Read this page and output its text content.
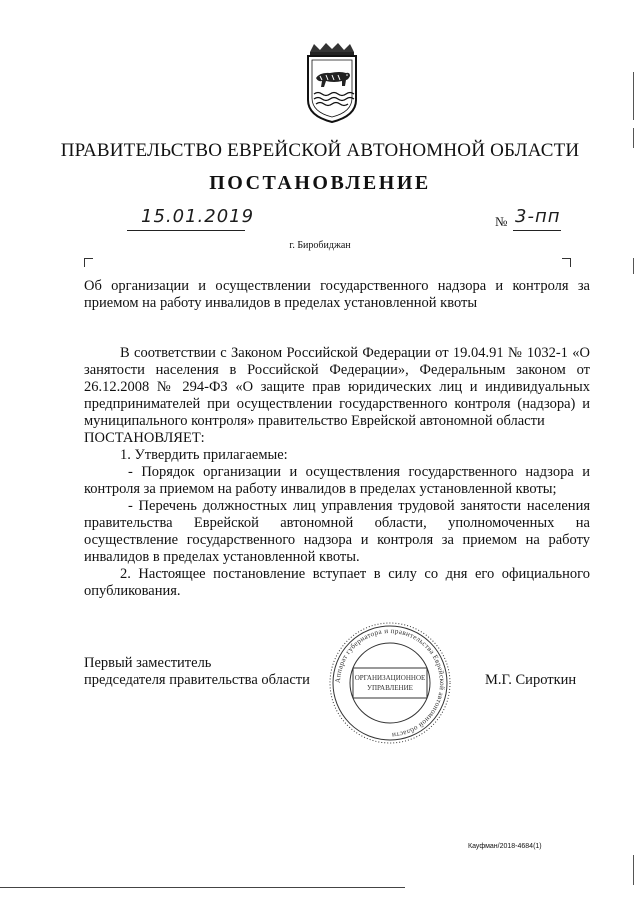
ПРАВИТЕЛЬСТВО ЕВРЕЙСКОЙ АВТОНОМНОЙ ОБЛАСТИ
ПОСТАНОВЛЕНИЕ
15.01.2019	№ 3-пп
г. Биробиджан
Об организации и осуществлении государственного надзора и контроля за приемом на работу инвалидов в пределах установленной квоты

В соответствии с Законом Российской Федерации от 19.04.91 № 1032-1 «О занятости населения в Российской Федерации», Федеральным законом от 26.12.2008 № 294-ФЗ «О защите прав юридических лиц и индивидуальных предпринимателей при осуществлении государственного контроля (надзора) и муниципального контроля» правительство Еврейской автономной области

ПОСТАНОВЛЯЕТ:

1. Утвердить прилагаемые:

- Порядок организации и осуществления государственного надзора и контроля за приемом на работу инвалидов в пределах установленной квоты;

- Перечень должностных лиц управления трудовой занятости населения правительства Еврейской автономной области, уполномоченных на осуществление государственного надзора и контроля за приемом на работу инвалидов в пределах установленной квоты.

2. Настоящее постановление вступает в силу со дня его официального опубликования.

Первый заместитель
председателя правительства области	Аппарат губернатора и правительства Еврейской автономной области
ОРГАНИЗАЦИОННОЕ
УПРАВЛЕНИЕ	М.Г. Сироткин
Кауфман/2018-4684(1)
